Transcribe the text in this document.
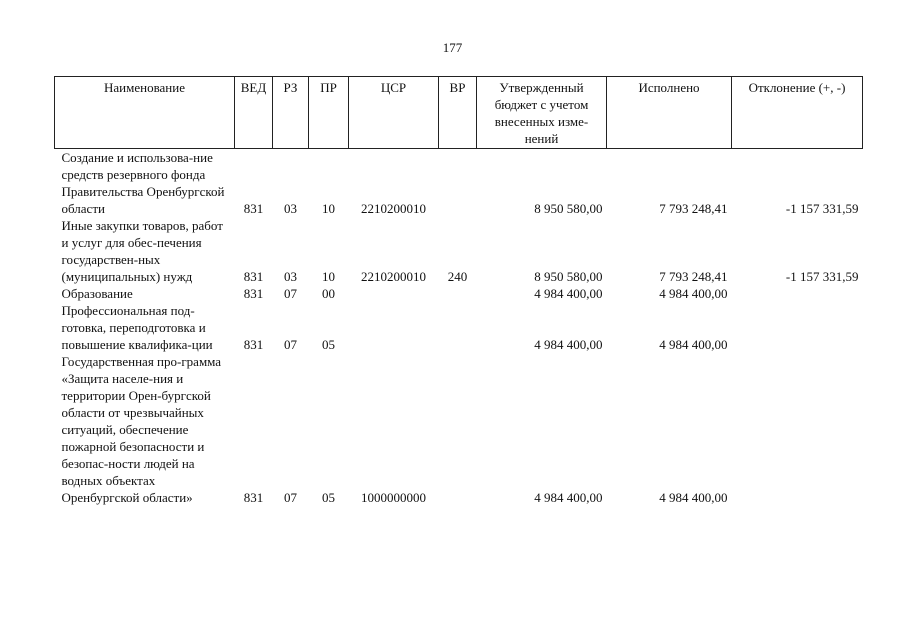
177
Наименование	ВЕД	РЗ	ПР	ЦСР	ВР	Утвержденный бюджет с учетом внесенных изме-нений	Исполнено	Отклонение (+, -)
Создание и использова-ние средств резервного фонда Правительства Оренбургской области	831	03	10	2210200010		8 950 580,00	7 793 248,41	-1 157 331,59
Иные закупки товаров, работ и услуг для обес-печения государствен-ных (муниципальных) нужд	831	03	10	2210200010	240	8 950 580,00	7 793 248,41	-1 157 331,59
Образование	831	07	00			4 984 400,00	4 984 400,00	
Профессиональная под-готовка, переподготовка и повышение квалифика-ции	831	07	05			4 984 400,00	4 984 400,00	
Государственная про-грамма «Защита населе-ния и территории Орен-бургской области от чрезвычайных ситуаций, обеспечение пожарной безопасности и безопас-ности людей на водных объектах Оренбургской области»	831	07	05	1000000000		4 984 400,00	4 984 400,00	
